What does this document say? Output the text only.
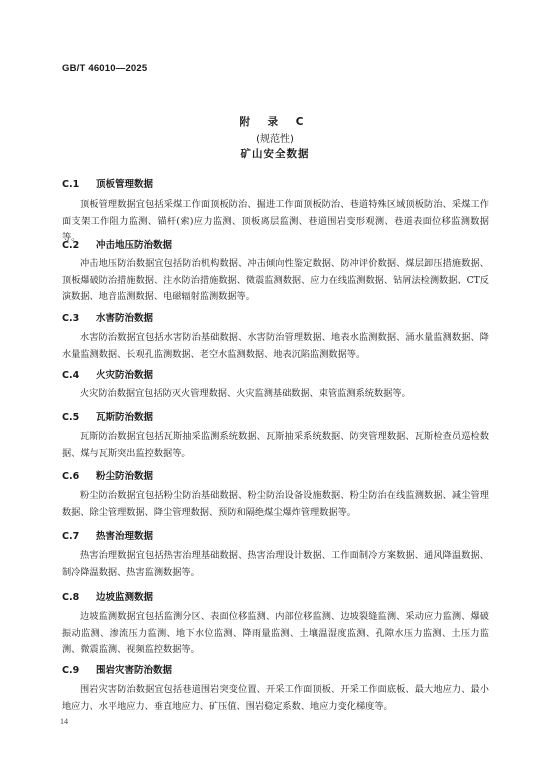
GB/T 46010—2025
附 录 C
(规范性)
矿山安全数据
C.1 顶板管理数据
顶板管理数据宜包括采煤工作面顶板防治、掘进工作面顶板防治、巷道特殊区域顶板防治、采煤工作面支架工作阻力监测、锚杆(索)应力监测、顶板离层监测、巷道围岩变形观测、巷道表面位移监测数据等。
C.2 冲击地压防治数据
冲击地压防治数据宜包括防治机构数据、冲击倾向性鉴定数据、防冲评价数据、煤层卸压措施数据、顶板爆破防治措施数据、注水防治措施数据、微震监测数据、应力在线监测数据、钻屑法检测数据、CT反演数据、地音监测数据、电磁辐射监测数据等。
C.3 水害防治数据
水害防治数据宜包括水害防治基础数据、水害防治管理数据、地表水监测数据、涌水量监测数据、降水量监测数据、长观孔监测数据、老空水监测数据、地表沉陷监测数据等。
C.4 火灾防治数据
火灾防治数据宜包括防灭火管理数据、火灾监测基础数据、束管监测系统数据等。
C.5 瓦斯防治数据
瓦斯防治数据宜包括瓦斯抽采监测系统数据、瓦斯抽采系统数据、防突管理数据、瓦斯检查员巡检数据、煤与瓦斯突出监控数据等。
C.6 粉尘防治数据
粉尘防治数据宜包括粉尘防治基础数据、粉尘防治设备设施数据、粉尘防治在线监测数据、减尘管理数据、除尘管理数据、降尘管理数据、预防和隔绝煤尘爆炸管理数据等。
C.7 热害治理数据
热害治理数据宜包括热害治理基础数据、热害治理设计数据、工作面制冷方案数据、通风降温数据、制冷降温数据、热害监测数据等。
C.8 边坡监测数据
边坡监测数据宜包括监测分区、表面位移监测、内部位移监测、边坡裂缝监测、采动应力监测、爆破振动监测、渗流压力监测、地下水位监测、降雨量监测、土壤温湿度监测、孔隙水压力监测、土压力监测、微震监测、视频监控数据等。
C.9 围岩灾害防治数据
围岩灾害防治数据宜包括巷道围岩突变位置、开采工作面顶板、开采工作面底板、最大地应力、最小地应力、水平地应力、垂直地应力、矿压值、围岩稳定系数、地应力变化梯度等。
14
